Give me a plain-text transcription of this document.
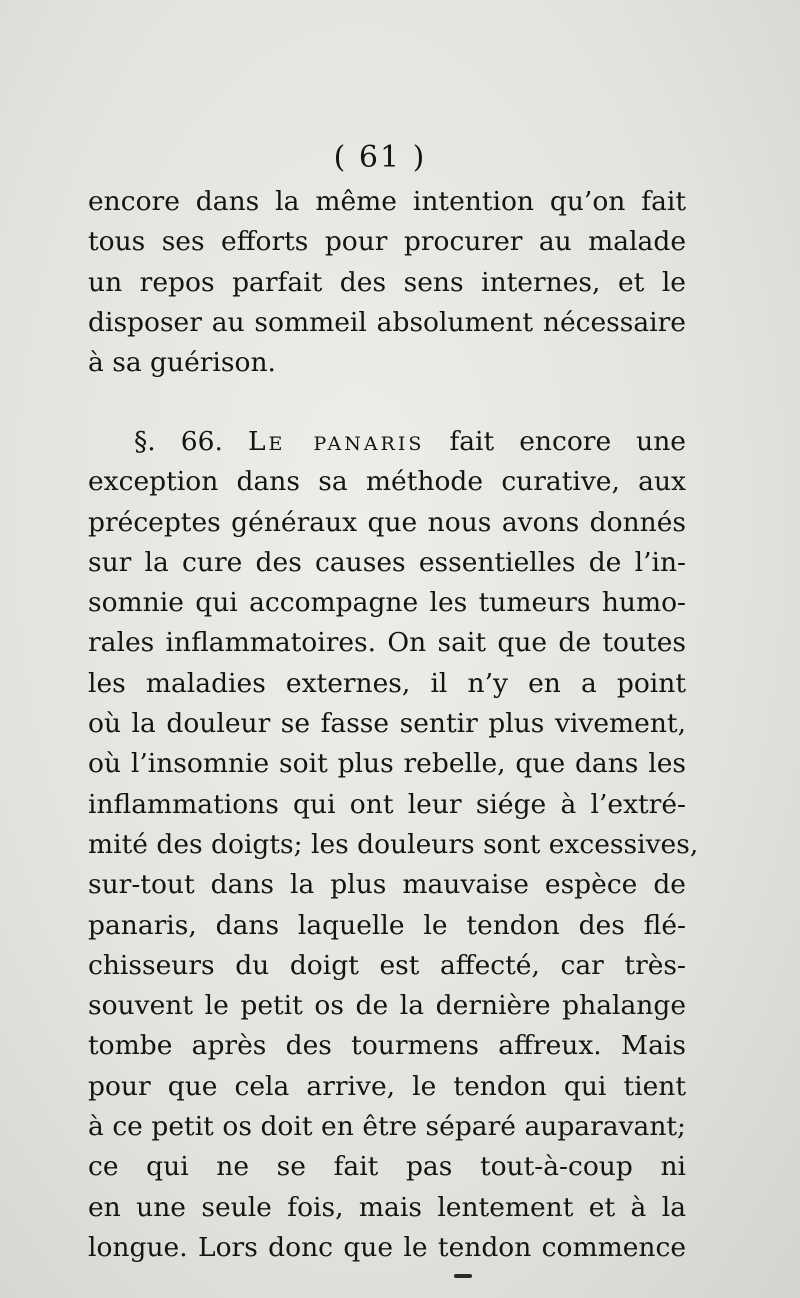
( 61 )
encore dans la même intention qu’on fait
tous ses efforts pour procurer au malade
un repos parfait des sens internes, et le
disposer au sommeil absolument nécessaire
à sa guérison.
§. 66. Le panaris fait encore une
exception dans sa méthode curative, aux
préceptes généraux que nous avons donnés
sur la cure des causes essentielles de l’in-
somnie qui accompagne les tumeurs humo-
rales inflammatoires. On sait que de toutes
les maladies externes, il n’y en a point
où la douleur se fasse sentir plus vivement,
où l’insomnie soit plus rebelle, que dans les
inflammations qui ont leur siége à l’extré-
mité des doigts; les douleurs sont excessives,
sur-tout dans la plus mauvaise espèce de
panaris, dans laquelle le tendon des flé-
chisseurs du doigt est affecté, car très-
souvent le petit os de la dernière phalange
tombe après des tourmens affreux. Mais
pour que cela arrive, le tendon qui tient
à ce petit os doit en être séparé auparavant;
ce qui ne se fait pas tout-à-coup ni
en une seule fois, mais lentement et à la
longue. Lors donc que le tendon commence
